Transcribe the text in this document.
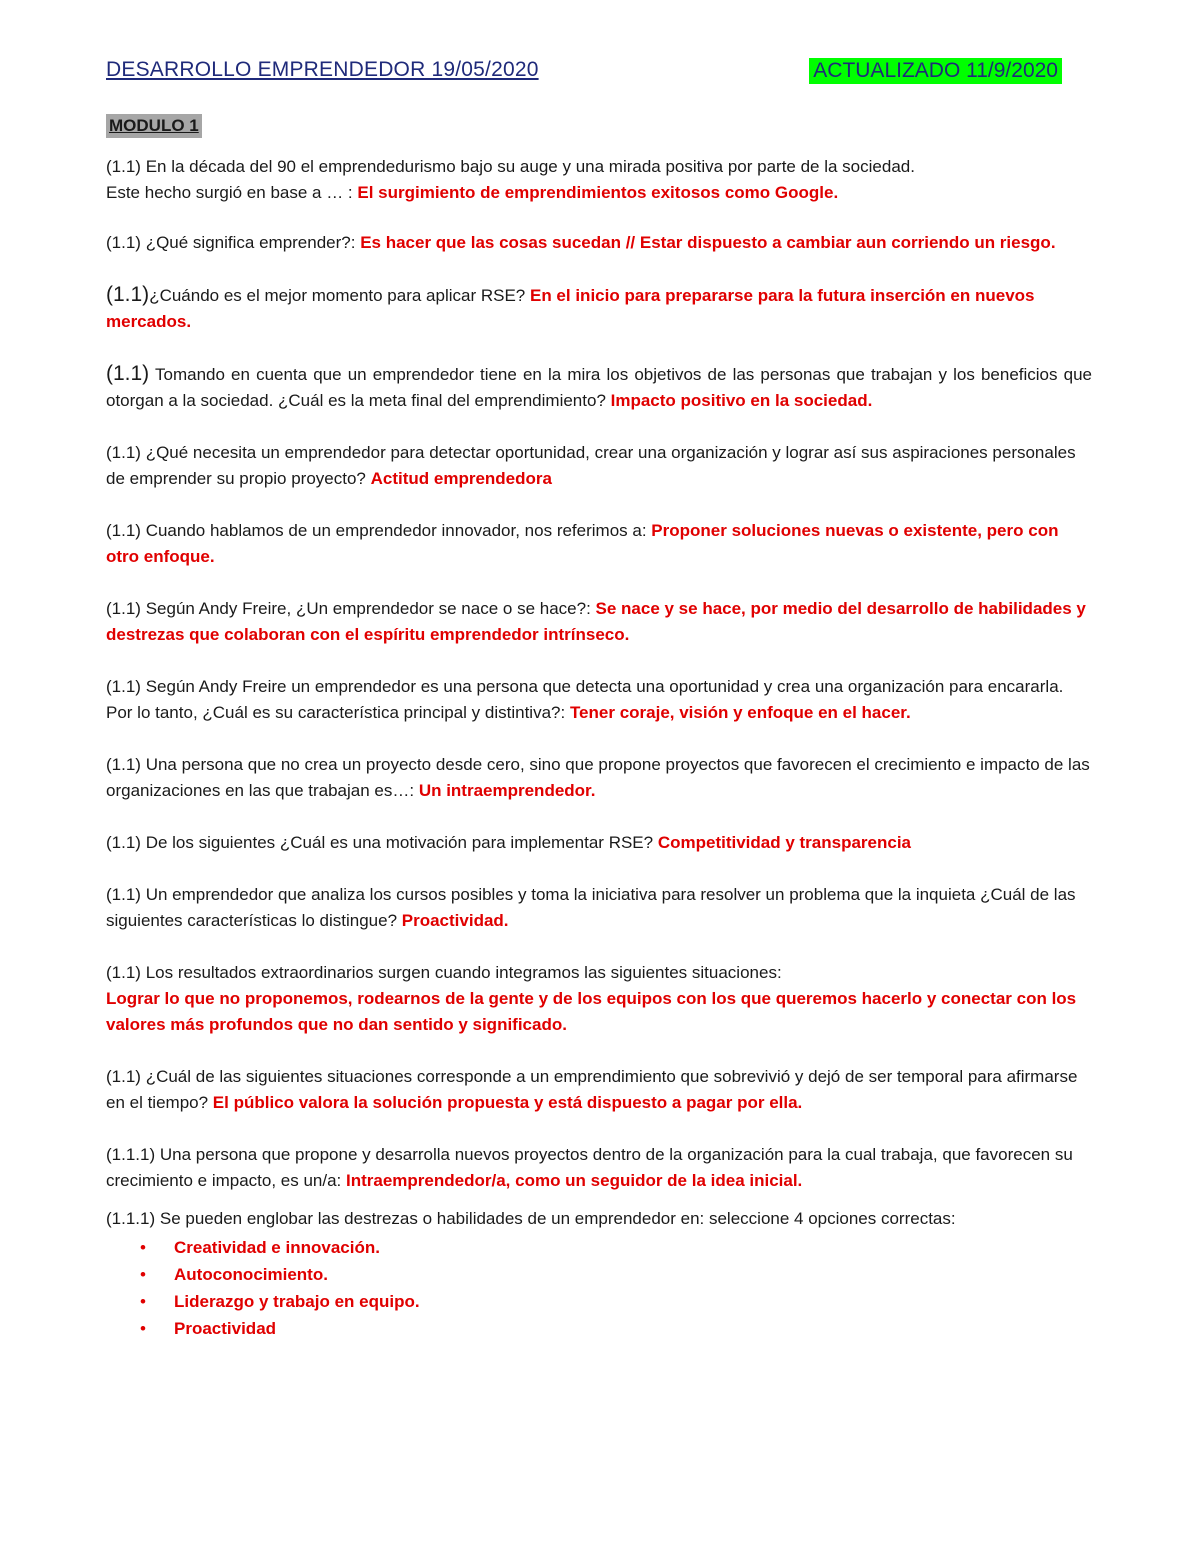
DESARROLLO EMPRENDEDOR 19/05/2020	ACTUALIZADO 11/9/2020
MODULO 1

(1.1) En la década del 90 el emprendedurismo bajo su auge y una mirada positiva por parte de la sociedad.
Este hecho surgió en base a … : El surgimiento de emprendimientos exitosos como Google.

(1.1) ¿Qué significa emprender?: Es hacer que las cosas sucedan // Estar dispuesto a cambiar aun corriendo un riesgo.

(1.1)¿Cuándo es el mejor momento para aplicar RSE? En el inicio para prepararse para la futura inserción en nuevos mercados.

(1.1) Tomando en cuenta que un emprendedor tiene en la mira los objetivos de las personas que trabajan y los beneficios que otorgan a la sociedad. ¿Cuál es la meta final del emprendimiento? Impacto positivo en la sociedad.

(1.1) ¿Qué necesita un emprendedor para detectar oportunidad, crear una organización y lograr así sus aspiraciones personales de emprender su propio proyecto? Actitud emprendedora

(1.1) Cuando hablamos de un emprendedor innovador, nos referimos a: Proponer soluciones nuevas o existente, pero con otro enfoque.

(1.1) Según Andy Freire, ¿Un emprendedor se nace o se hace?: Se nace y se hace, por medio del desarrollo de habilidades y destrezas que colaboran con el espíritu emprendedor intrínseco.

(1.1) Según Andy Freire un emprendedor es una persona que detecta una oportunidad y crea una organización para encararla. Por lo tanto, ¿Cuál es su característica principal y distintiva?: Tener coraje, visión y enfoque en el hacer.

(1.1) Una persona que no crea un proyecto desde cero, sino que propone proyectos que favorecen el crecimiento e impacto de las organizaciones en las que trabajan es…: Un intraemprendedor.

(1.1) De los siguientes ¿Cuál es una motivación para implementar RSE? Competitividad y transparencia

(1.1) Un emprendedor que analiza los cursos posibles y toma la iniciativa para resolver un problema que la inquieta ¿Cuál de las siguientes características lo distingue? Proactividad.

(1.1) Los resultados extraordinarios surgen cuando integramos las siguientes situaciones:
Lograr lo que no proponemos, rodearnos de la gente y de los equipos con los que queremos hacerlo y conectar con los valores más profundos que no dan sentido y significado.

(1.1) ¿Cuál de las siguientes situaciones corresponde a un emprendimiento que sobrevivió y dejó de ser temporal para afirmarse en el tiempo? El público valora la solución propuesta y está dispuesto a pagar por ella.

(1.1.1) Una persona que propone y desarrolla nuevos proyectos dentro de la organización para la cual trabaja, que favorecen su crecimiento e impacto, es un/a: Intraemprendedor/a, como un seguidor de la idea inicial.

(1.1.1) Se pueden englobar las destrezas o habilidades de un emprendedor en: seleccione 4 opciones correctas:
• Creatividad e innovación.
• Autoconocimiento.
• Liderazgo y trabajo en equipo.
• Proactividad
